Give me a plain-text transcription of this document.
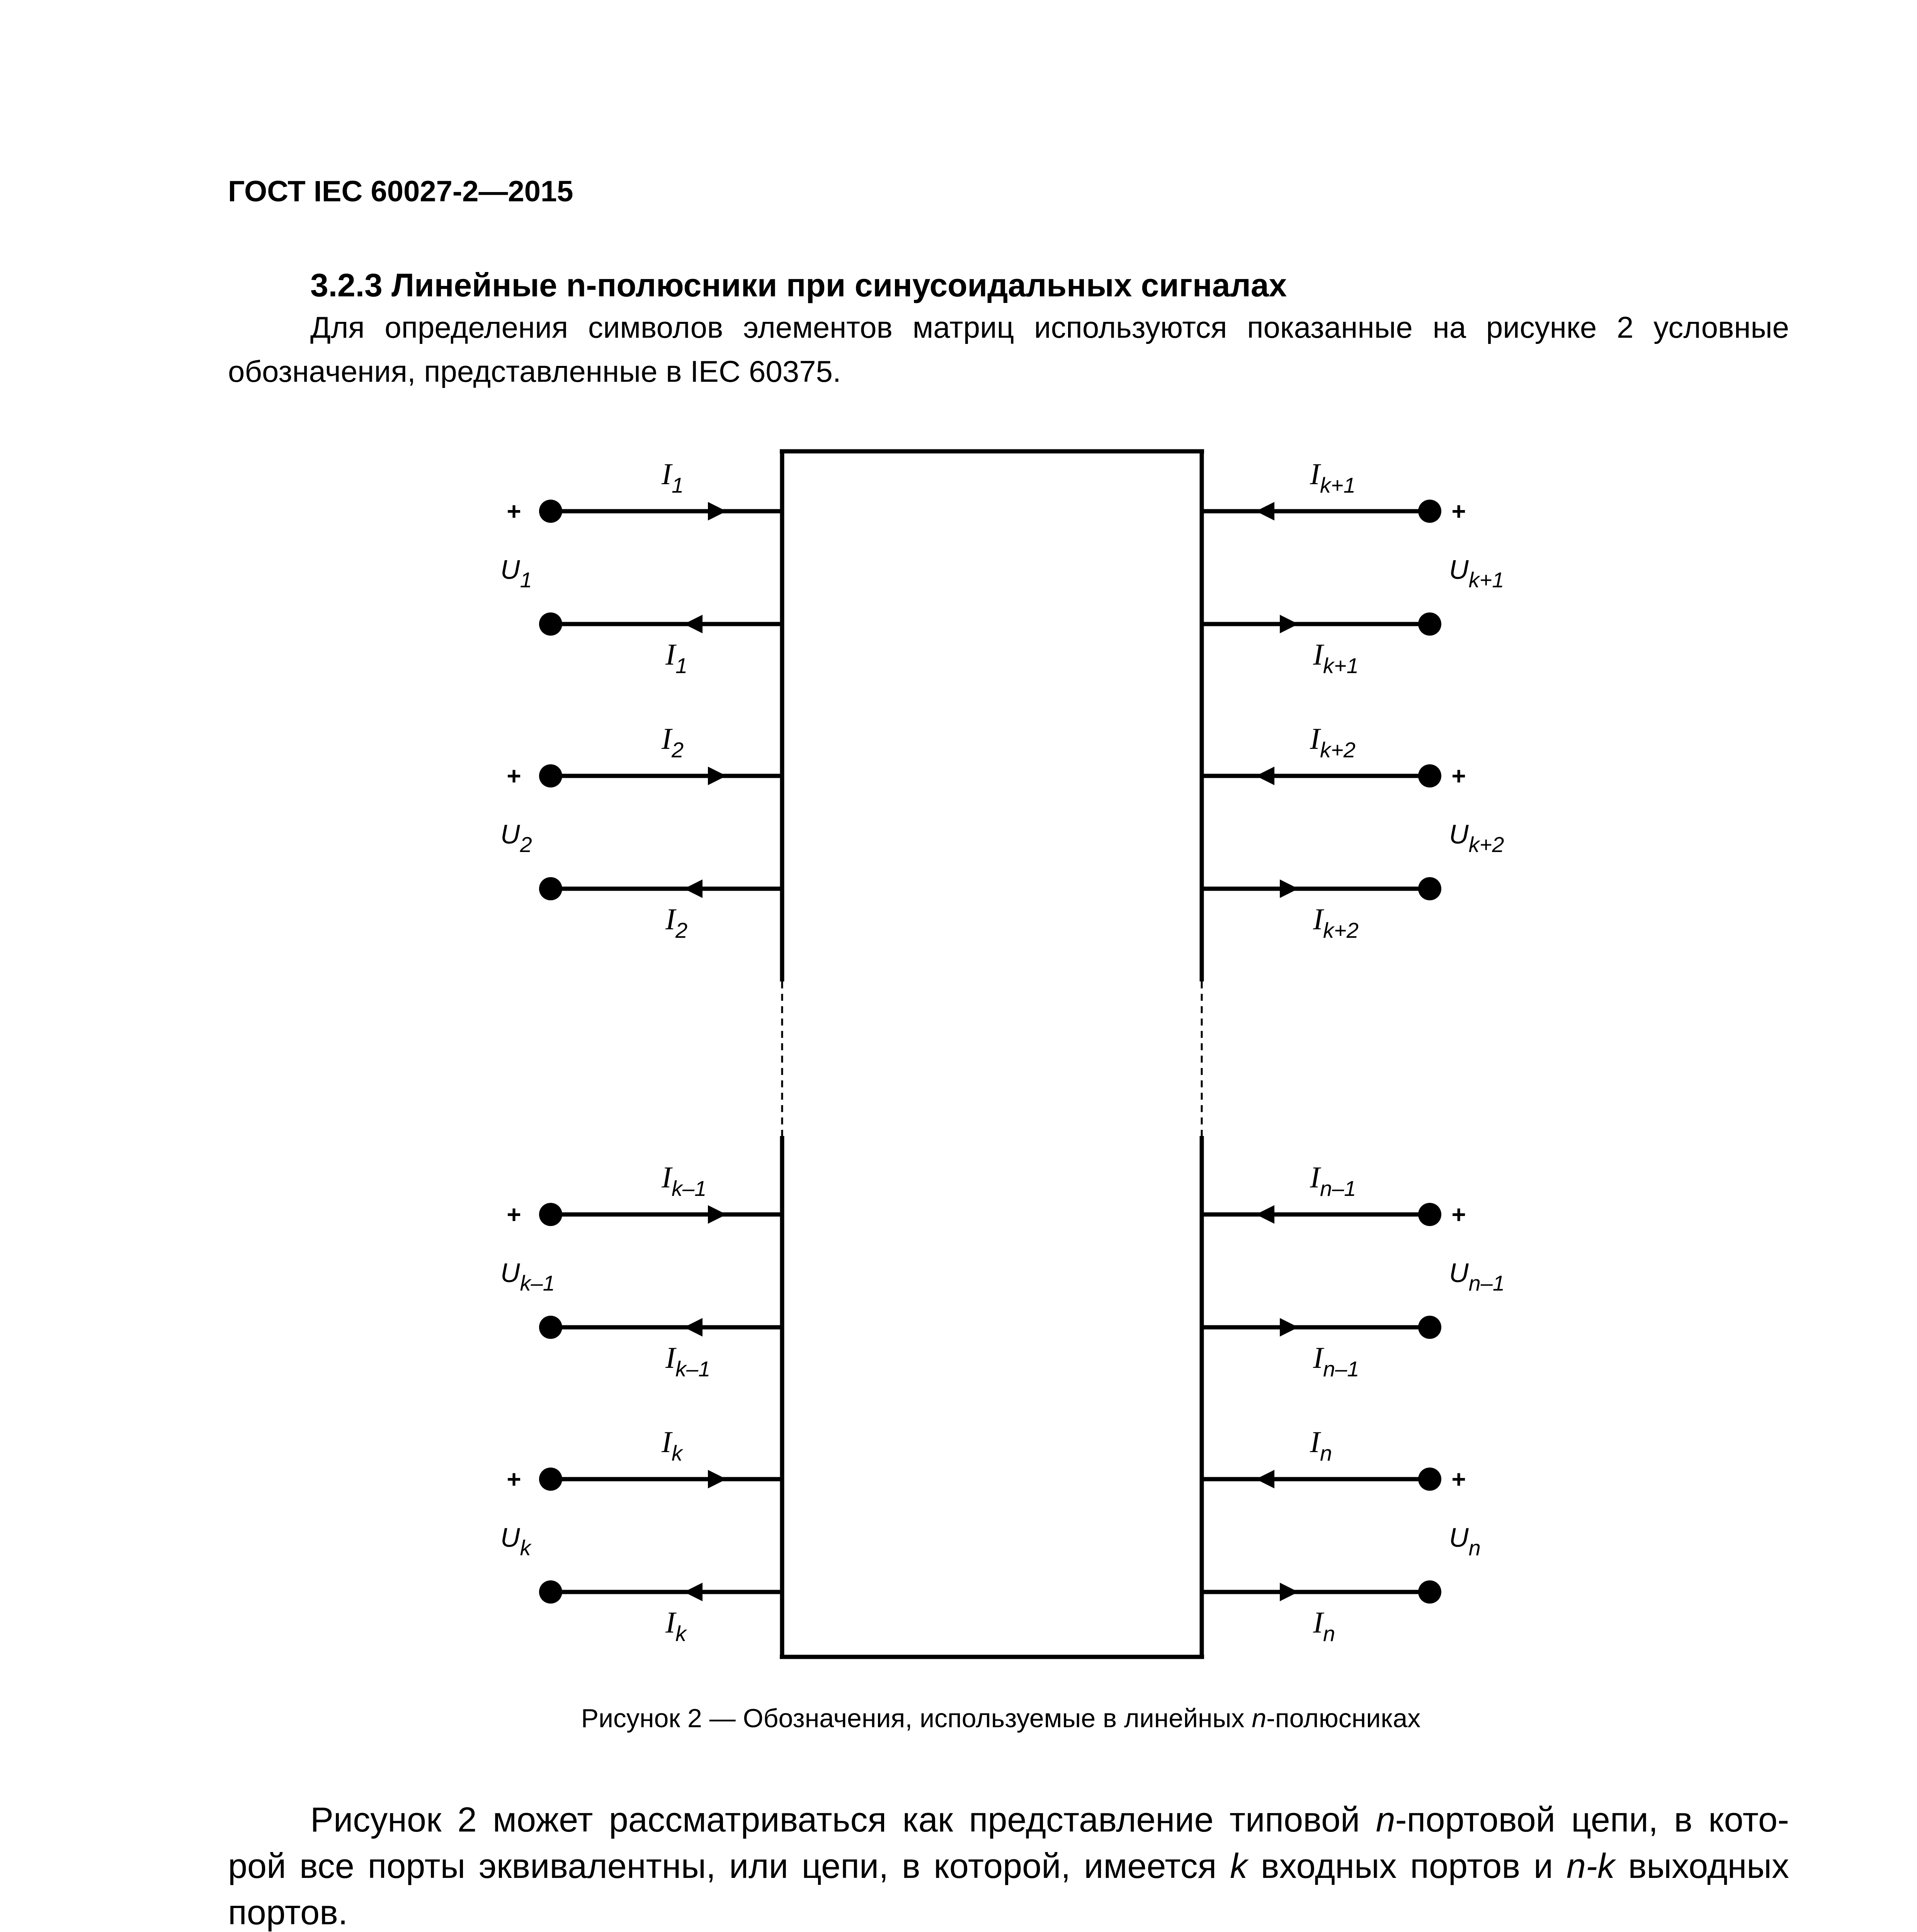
ГОСТ IEC 60027-2—2015
3.2.3 Линейные n-полюсники при синусоидальных сигналах

Для определения символов элементов матриц используются показанные на рисунке 2 условные обозначения, представленные в IEC 60375.

+
$I_1$
$I_1$
$U_1$
+
$I_2$
$I_2$
$U_2$
+
$I_{k-1}$
$I_{k-1}$
$U_{k-1}$
+
$I_k$
$I_k$
$U_k$
+
$I_{k+1}$
$I_{k+1}$
$U_{k+1}$
+
$I_{k+2}$
$I_{k+2}$
$U_{k+2}$
+
$I_{n-1}$
$I_{n-1}$
$U_{n-1}$
+
$I_n$
$I_n$
$U_n$
Рисунок 2 — Обозначения, используемые в линейных n-полюсниках

Рисунок 2 может рассматриваться как представление типовой n-портовой цепи, в кото- рой все порты эквивалентны, или цепи, в которой, имеется k входных портов и n-k выходных портов.
